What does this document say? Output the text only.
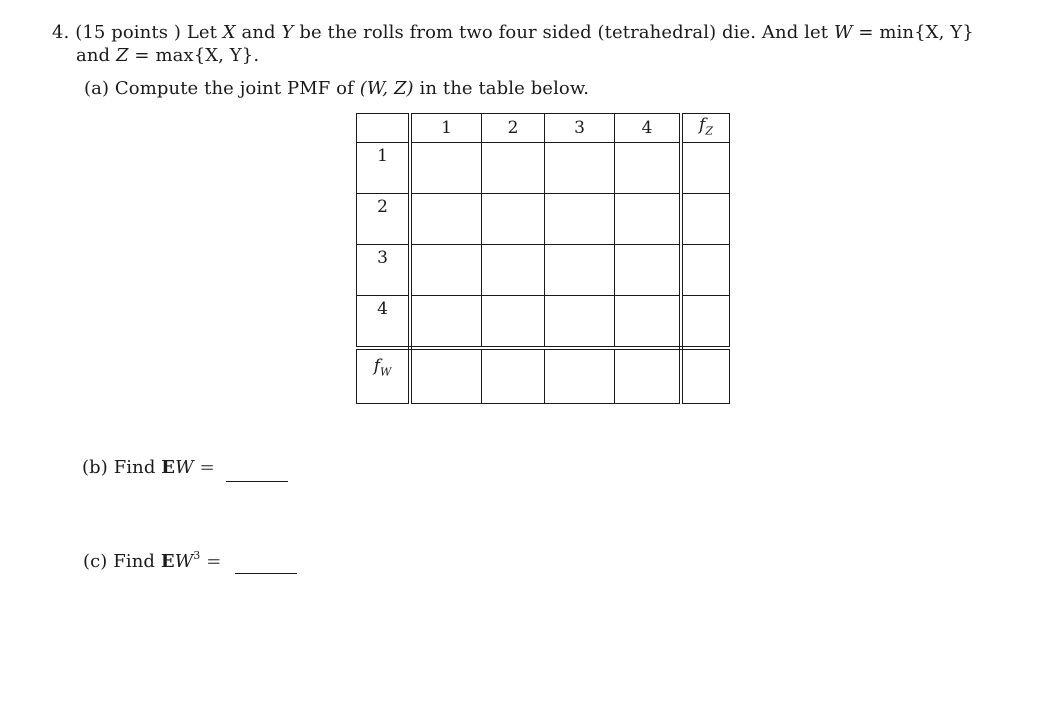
4. (15 points ) Let X and Y be the rolls from two four sided (tetrahedral) die. And let W = min{X, Y}
and Z = max{X, Y}.
(a) Compute the joint PMF of (W, Z) in the table below.
	1	2	3	4	$f_Z$
1					
2					
3					
4					
$f_W$					
(b) Find EW =
(c) Find $EW^3$ =
